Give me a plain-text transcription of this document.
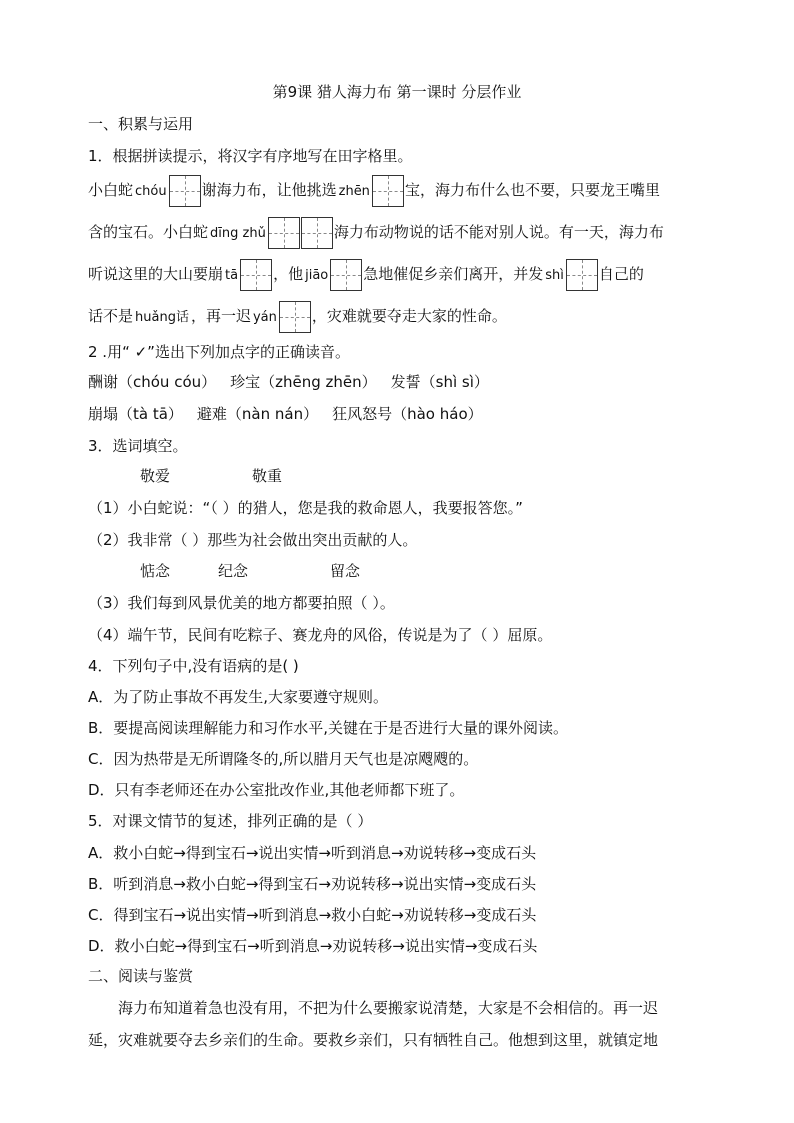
第9课 猎人海力布 第一课时 分层作业
一、积累与运用
1．根据拼读提示，将汉字有序地写在田字格里。
小白蛇 chóu 谢海力布，让他挑选 zhēn 宝，海力布什么也不要，只要龙王嘴里
含的宝石。小白蛇 dīng zhǔ	海力布动物说的话不能对别人说。有一天，海力布
听说这里的大山要崩 tā ，他 jiāo 急地催促乡亲们离开，并发 shì 自己的
话不是 huǎng话 ，再一迟 yán ，灾难就要夺走大家的性命。
2 .用“ ✓”选出下列加点字的正确读音。
酬谢（chóu cóu） 珍宝（zhēng zhēn） 发誓（shì sì）
崩塌（tà tā） 避难（nàn nán） 狂风怒号（hào háo）
3．选词填空。
敬爱	敬重
（1）小白蛇说：“（ ）的猎人，您是我的救命恩人，我要报答您。”
（2）我非常（ ）那些为社会做出突出贡献的人。
惦念	纪念	留念
（3）我们每到风景优美的地方都要拍照（ ）。
（4）端午节，民间有吃粽子、赛龙舟的风俗，传说是为了（ ）屈原。
4．下列句子中,没有语病的是( )
A．为了防止事故不再发生,大家要遵守规则。
B．要提高阅读理解能力和习作水平,关键在于是否进行大量的课外阅读。
C．因为热带是无所谓隆冬的,所以腊月天气也是凉飕飕的。
D．只有李老师还在办公室批改作业,其他老师都下班了。
5．对课文情节的复述，排列正确的是（ ）
A．救小白蛇→得到宝石→说出实情→听到消息→劝说转移→变成石头
B．听到消息→救小白蛇→得到宝石→劝说转移→说出实情→变成石头
C．得到宝石→说出实情→听到消息→救小白蛇→劝说转移→变成石头
D．救小白蛇→得到宝石→听到消息→劝说转移→说出实情→变成石头
二、阅读与鉴赏
海力布知道着急也没有用，不把为什么要搬家说清楚，大家是不会相信的。再一迟
延，灾难就要夺去乡亲们的生命。要救乡亲们，只有牺牲自己。他想到这里，就镇定地
